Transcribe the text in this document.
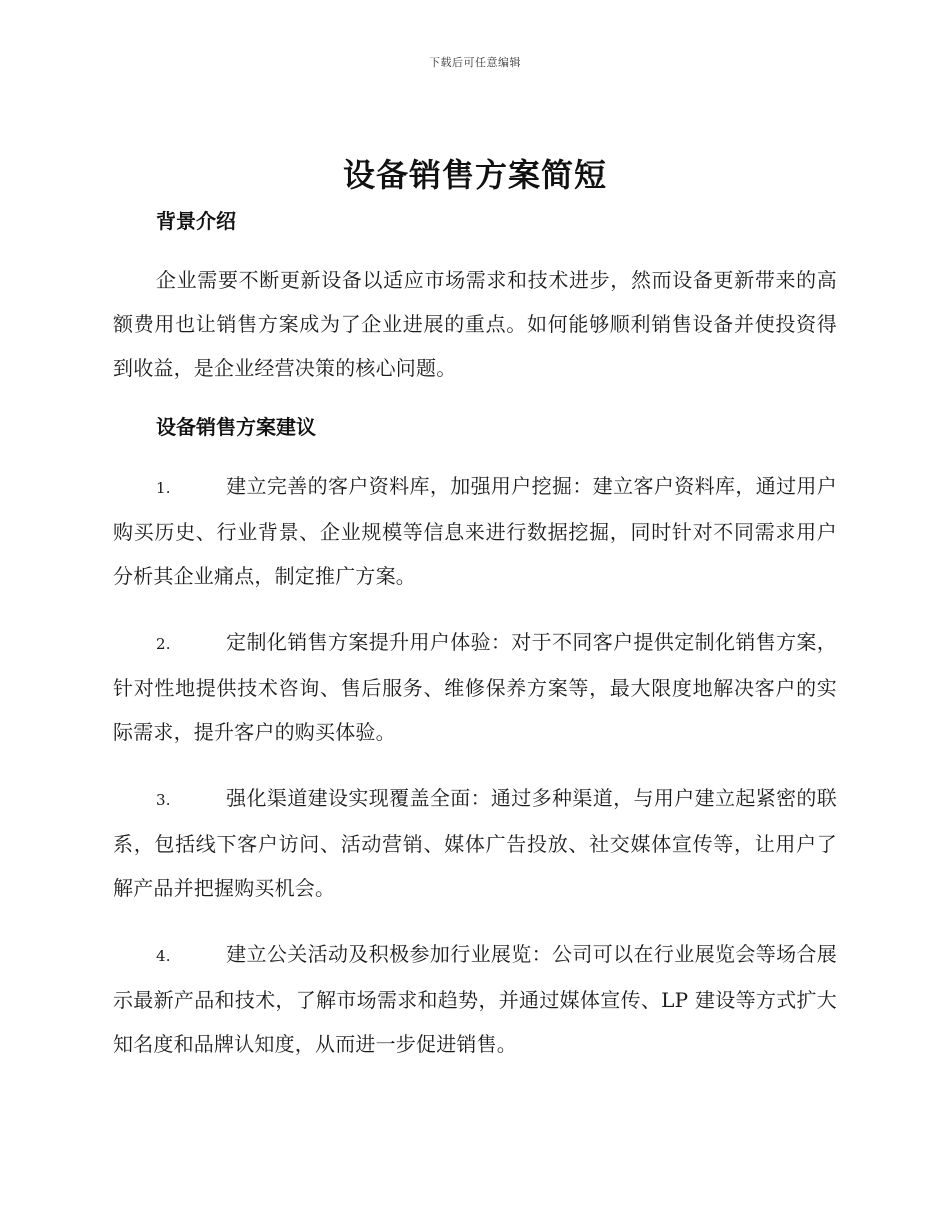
下载后可任意编辑
设备销售方案简短
背景介绍

企业需要不断更新设备以适应市场需求和技术进步，然而设备更新带来的高额费用也让销售方案成为了企业进展的重点。如何能够顺利销售设备并使投资得到收益，是企业经营决策的核心问题。

设备销售方案建议

1.	建立完善的客户资料库，加强用户挖掘：建立客户资料库，通过用户购买历史、行业背景、企业规模等信息来进行数据挖掘，同时针对不同需求用户分析其企业痛点，制定推广方案。

2.	定制化销售方案提升用户体验：对于不同客户提供定制化销售方案，针对性地提供技术咨询、售后服务、维修保养方案等，最大限度地解决客户的实际需求，提升客户的购买体验。

3.	强化渠道建设实现覆盖全面：通过多种渠道，与用户建立起紧密的联系，包括线下客户访问、活动营销、媒体广告投放、社交媒体宣传等，让用户了解产品并把握购买机会。

4.	建立公关活动及积极参加行业展览：公司可以在行业展览会等场合展示最新产品和技术，了解市场需求和趋势，并通过媒体宣传、LP 建设等方式扩大知名度和品牌认知度，从而进一步促进销售。
